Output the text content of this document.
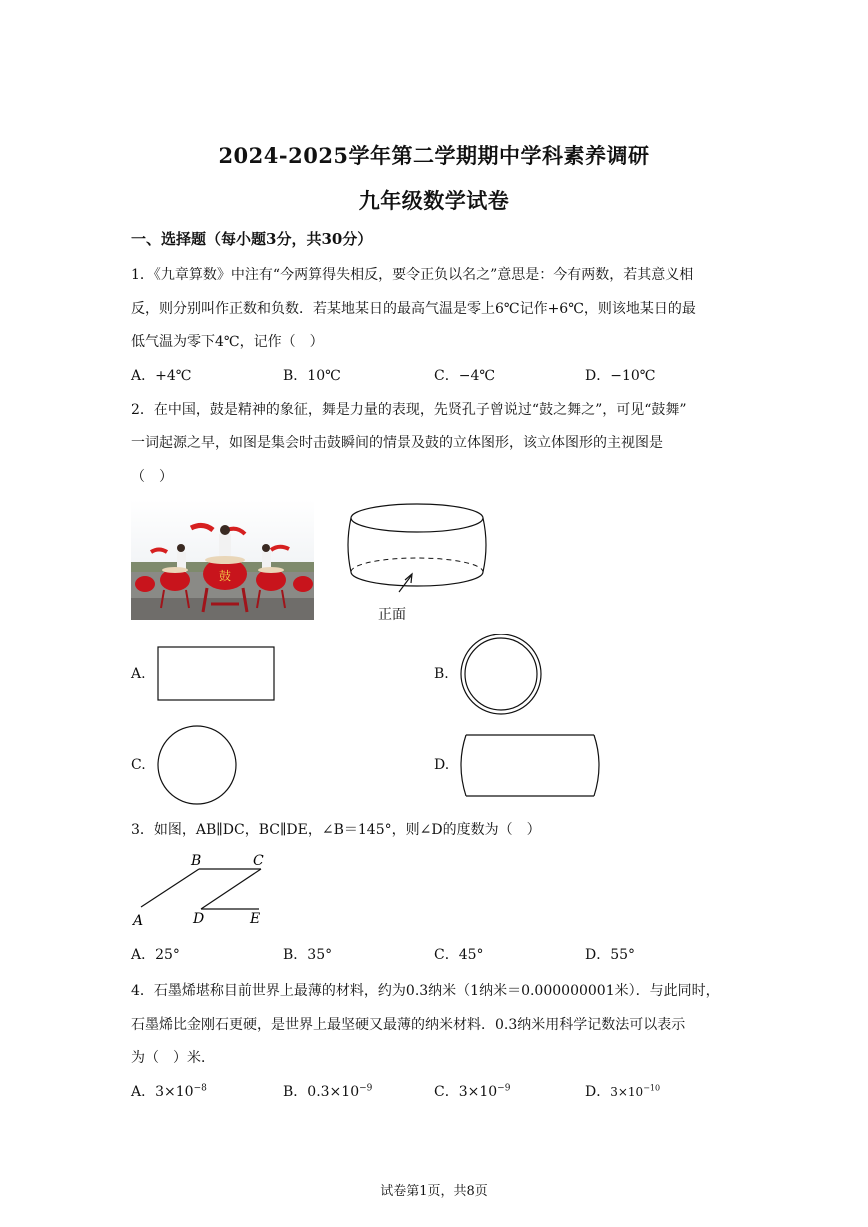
2024-2025学年第二学期期中学科素养调研
九年级数学试卷
一、选择题（每小题3分，共30分）
1．《九章算数》中注有“今两算得失相反，要令正负以名之”意思是：今有两数，若其意义相
反，则分别叫作正数和负数．若某地某日的最高气温是零上6℃记作+6℃，则该地某日的最
低气温为零下4℃，记作（　）
A．+4℃	B．10℃	C．−4℃	D．−10℃
2．在中国，鼓是精神的象征，舞是力量的表现，先贤孔子曾说过“鼓之舞之”，可见“鼓舞”
一词起源之早，如图是集会时击鼓瞬间的情景及鼓的立体图形，该立体图形的主视图是
（　）
鼓
正面
A.	B.
C.	D.
3．如图，AB∥DC，BC∥DE，∠B＝145°，则∠D的度数为（　）
B	C
A	D	E
A．25°	B．35°	C．45°	D．55°
4．石墨烯堪称目前世界上最薄的材料，约为0.3纳米（1纳米＝0.000000001米）．与此同时，
石墨烯比金刚石更硬，是世界上最坚硬又最薄的纳米材料．0.3纳米用科学记数法可以表示
为（　）米．
A．$3\times 10^{-8}$	B．$0.3\times 10^{-9}$	C．$3\times 10^{-9}$	D．$3\times 10^{-10}$
试卷第1页，共8页
